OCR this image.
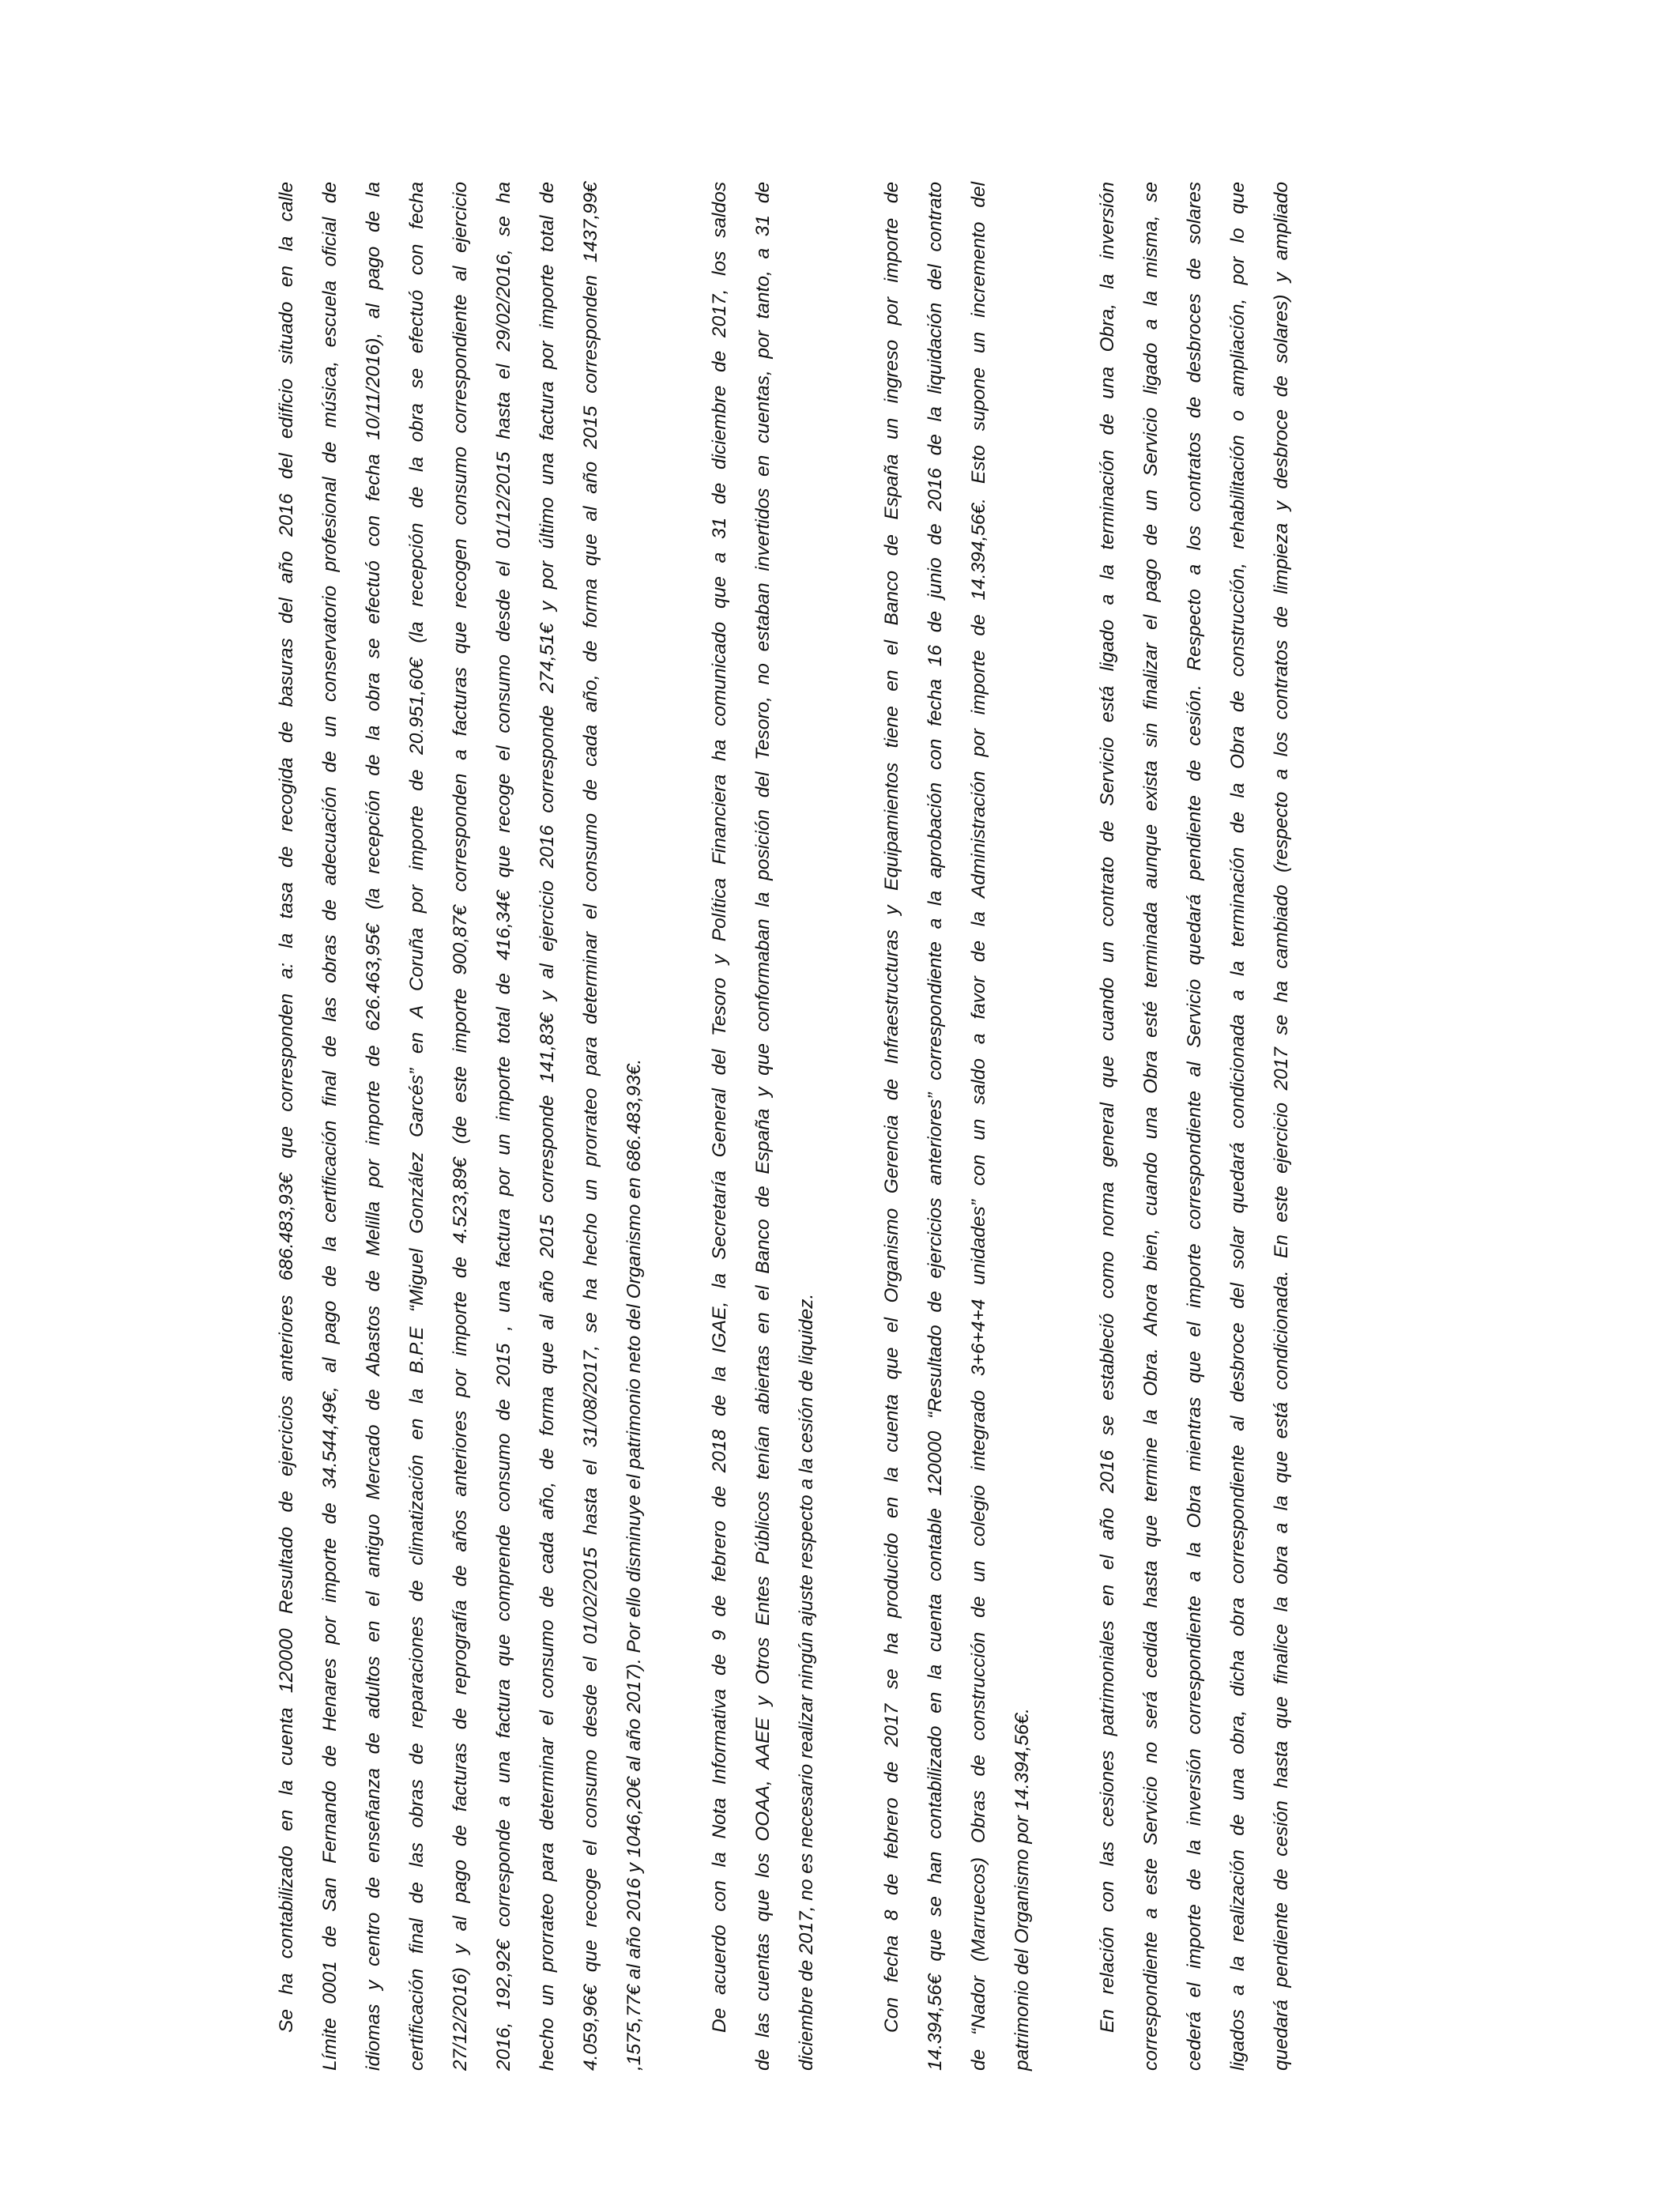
Se ha contabilizado en la cuenta 120000 Resultado de ejercicios anteriores 686.483,93€ que corresponden a: la tasa de recogida de basuras del año 2016 del edificio situado en la calle	Límite 0001 de San Fernando de Henares por importe de 34.544,49€, al pago de la certificación final de las obras de adecuación de un conservatorio profesional de música, escuela oficial de	idiomas y centro de enseñanza de adultos en el antiguo Mercado de Abastos de Melilla por importe de 626.463,95€ (la recepción de la obra se efectuó con fecha 10/11/2016), al pago de la	certificación final de las obras de reparaciones de climatización en la B.P.E “Miguel González Garcés” en A Coruña por importe de 20.951,60€ (la recepción de la obra se efectuó con fecha	27/12/2016) y al pago de facturas de reprografía de años anteriores por importe de 4.523,89€ (de este importe 900,87€ corresponden a facturas que recogen consumo correspondiente al ejercicio	2016, 192,92€ corresponde a una factura que comprende consumo de 2015 , una factura por un importe total de 416,34€ que recoge el consumo desde el 01/12/2015 hasta el 29/02/2016, se ha	hecho un prorrateo para determinar el consumo de cada año, de forma que al año 2015 corresponde 141,83€ y al ejercicio 2016 corresponde 274,51€ y por último una factura por importe total de	4.059,96€ que recoge el consumo desde el 01/02/2015 hasta el 31/08/2017, se ha hecho un prorrateo para determinar el consumo de cada año, de forma que al año 2015 corresponden 1437,99€	,1575,77€ al año 2016 y 1046,20€ al año 2017). Por ello disminuye el patrimonio neto del Organismo en 686.483,93€.	De acuerdo con la Nota Informativa de 9 de febrero de 2018 de la IGAE, la Secretaría General del Tesoro y Política Financiera ha comunicado que a 31 de diciembre de 2017, los saldos	de las cuentas que los OOAA, AAEE y Otros Entes Públicos tenían abiertas en el Banco de España y que conformaban la posición del Tesoro, no estaban invertidos en cuentas, por tanto, a 31 de	diciembre de 2017, no es necesario realizar ningún ajuste respecto a la cesión de liquidez.	Con fecha 8 de febrero de 2017 se ha producido en la cuenta que el Organismo Gerencia de Infraestructuras y Equipamientos tiene en el Banco de España un ingreso por importe de	14.394,56€ que se han contabilizado en la cuenta contable 120000 “Resultado de ejercicios anteriores” correspondiente a la aprobación con fecha 16 de junio de 2016 de la liquidación del contrato	de “Nador (Marruecos) Obras de construcción de un colegio integrado 3+6+4+4 unidades” con un saldo a favor de la Administración por importe de 14.394,56€. Esto supone un incremento del	patrimonio del Organismo por 14.394,56€.	En relación con las cesiones patrimoniales en el año 2016 se estableció como norma general que cuando un contrato de Servicio está ligado a la terminación de una Obra, la inversión	correspondiente a este Servicio no será cedida hasta que termine la Obra. Ahora bien, cuando una Obra esté terminada aunque exista sin finalizar el pago de un Servicio ligado a la misma, se	cederá el importe de la inversión correspondiente a la Obra mientras que el importe correspondiente al Servicio quedará pendiente de cesión. Respecto a los contratos de desbroces de solares	ligados a la realización de una obra, dicha obra correspondiente al desbroce del solar quedará condicionada a la terminación de la Obra de construcción, rehabilitación o ampliación, por lo que	quedará pendiente de cesión hasta que finalice la obra a la que está condicionada. En este ejercicio 2017 se ha cambiado (respecto a los contratos de limpieza y desbroce de solares) y ampliado
